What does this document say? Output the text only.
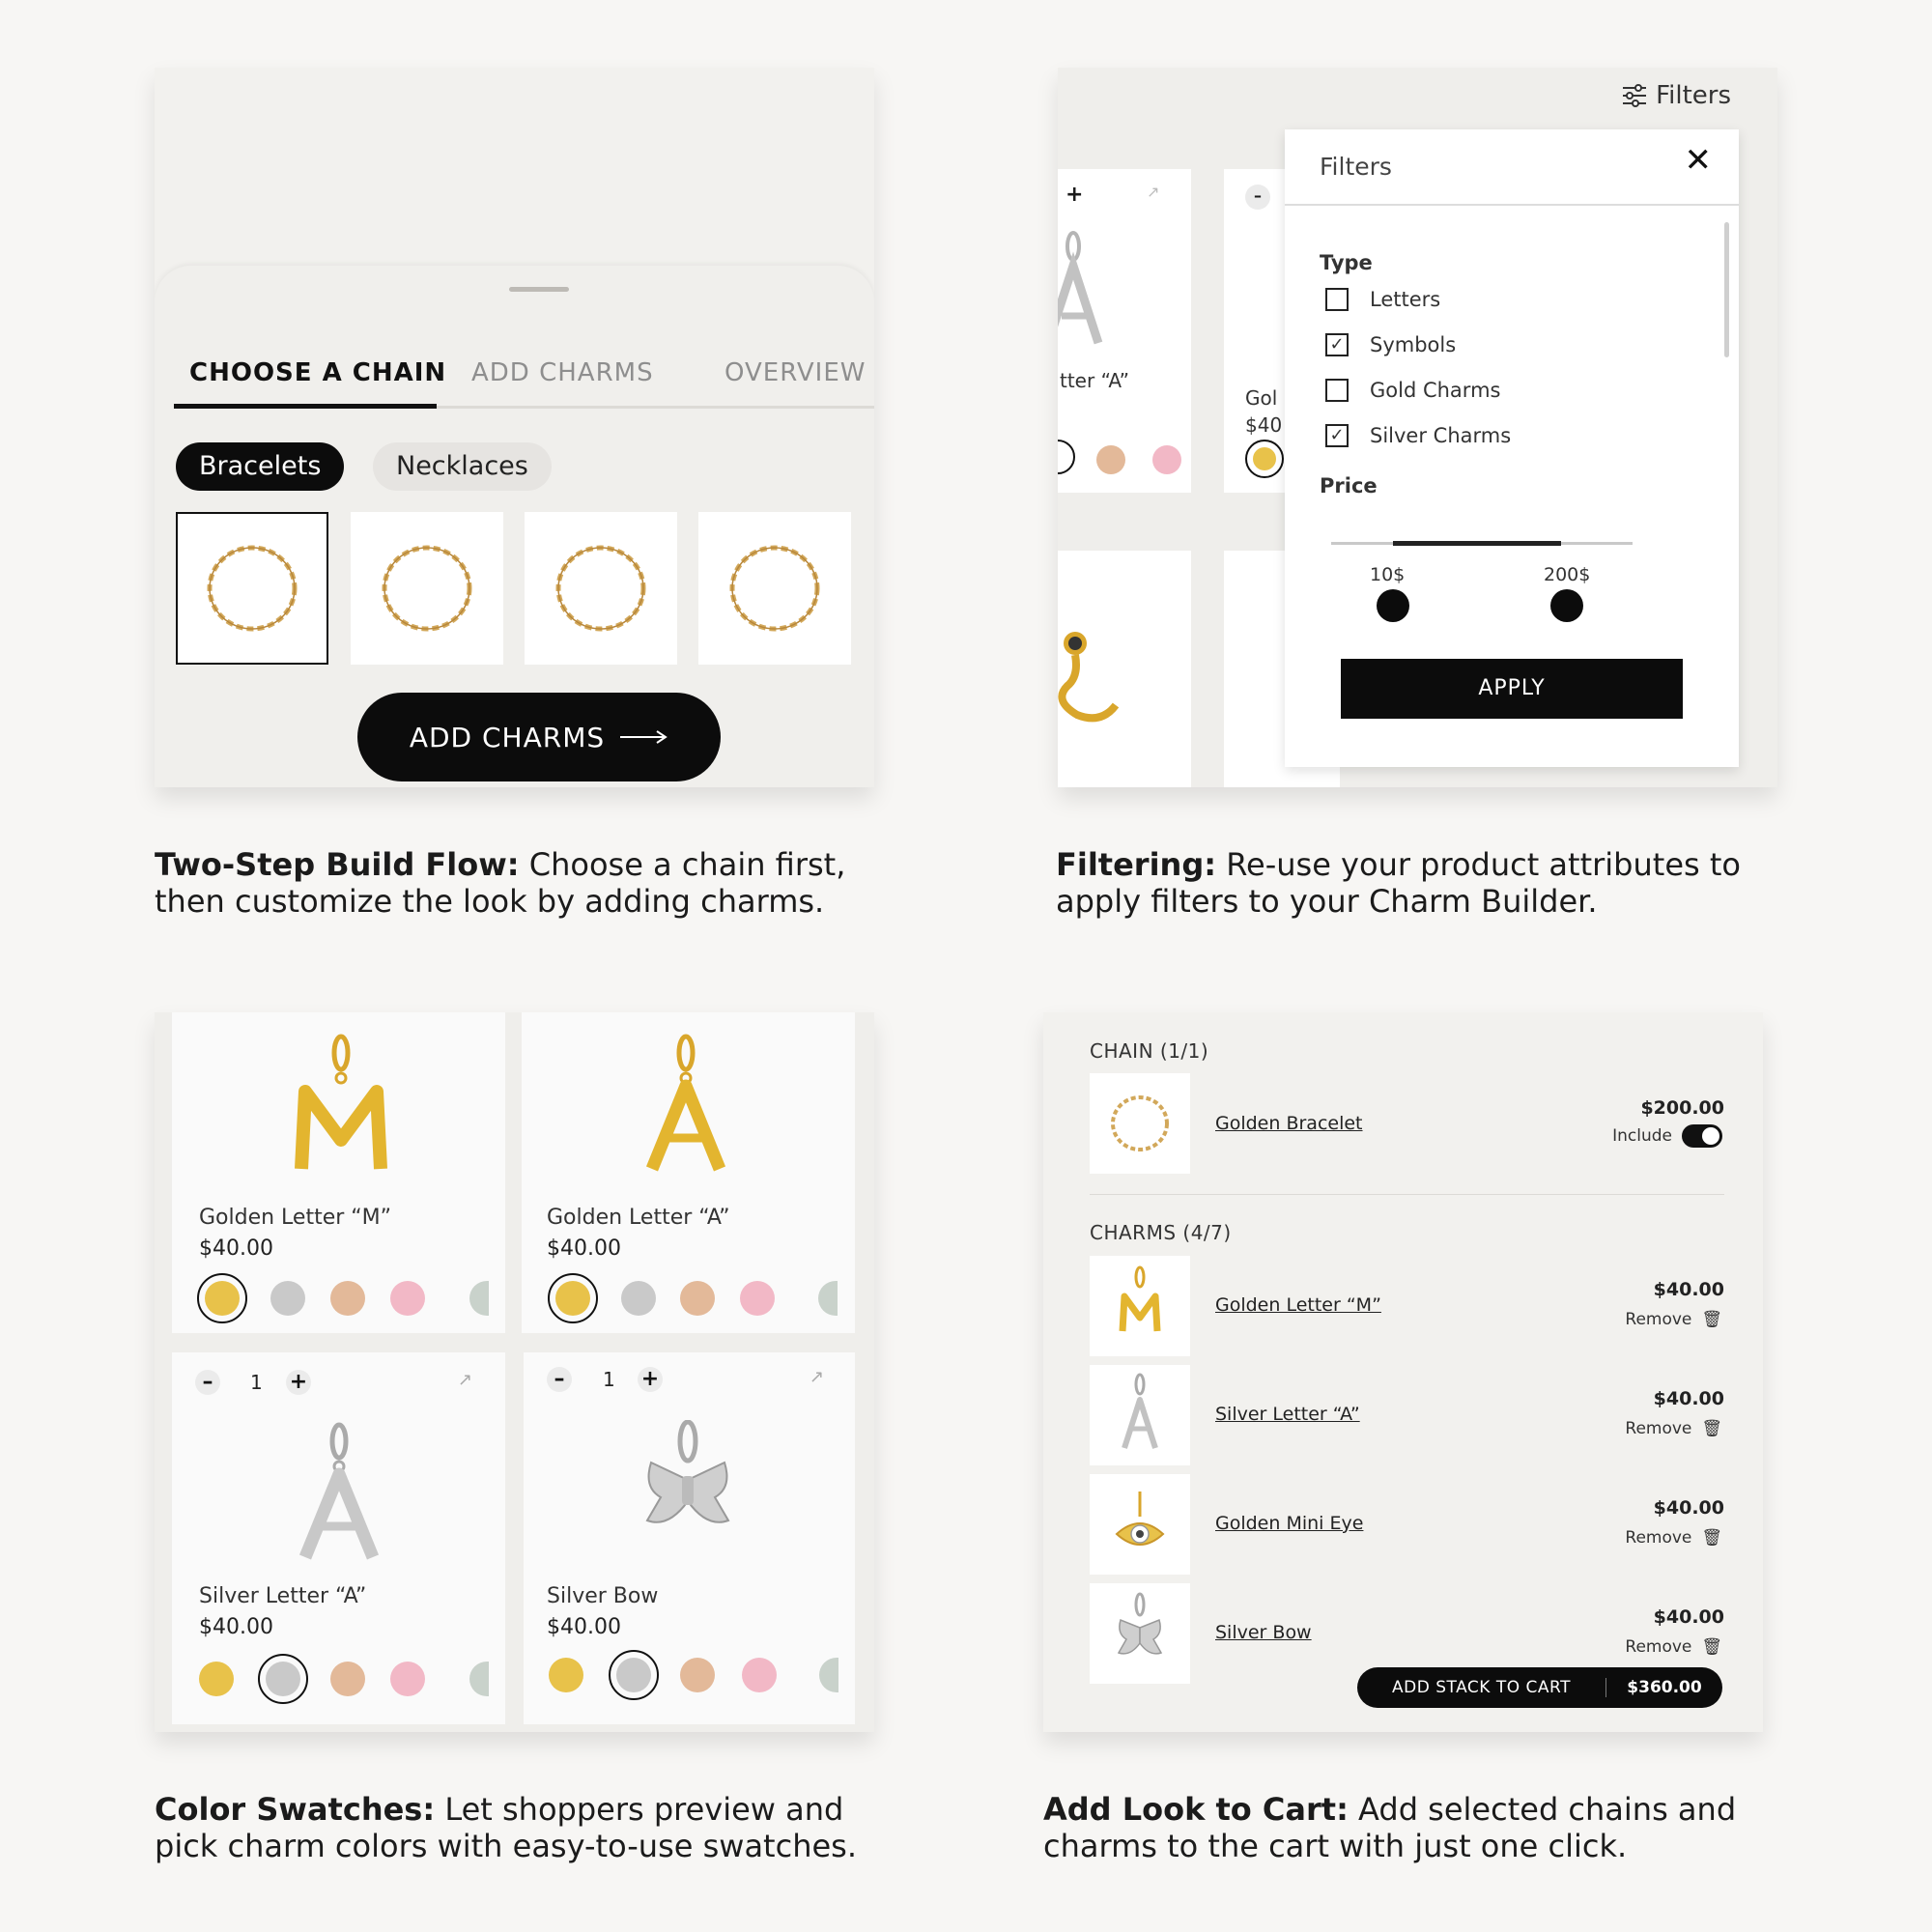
CHOOSE A CHAIN ADD CHARMS	OVERVIEW
Bracelets	Necklaces
ADD CHARMS
+	↗
tter “A”
–
Gol
$40
Filters
Filters	✕
Type
Letters
✓ Symbols
Gold Charms
✓ Silver Charms
Price
10$	200$
APPLY
Golden Letter “M”
$40.00
Golden Letter “A”
$40.00
–	1 +	↗
Silver Letter “A”
$40.00
–	1 +	↗
Silver Bow
$40.00
CHAIN (1/1)
Golden Bracelet
$200.00
Include
CHARMS (4/7)
Golden Letter “M”
$40.00
Remove 🗑
Silver Letter “A”
$40.00
Remove 🗑
Golden Mini Eye
$40.00
Remove 🗑
Silver Bow
$40.00
Remove 🗑
ADD STACK TO CART	$360.00
Two-Step Build Flow: Choose a chain first, then customize the look by adding charms.
Filtering: Re-use your product attributes to apply filters to your Charm Builder.
Color Swatches: Let shoppers preview and pick charm colors with easy-to-use swatches.
Add Look to Cart: Add selected chains and charms to the cart with just one click.
